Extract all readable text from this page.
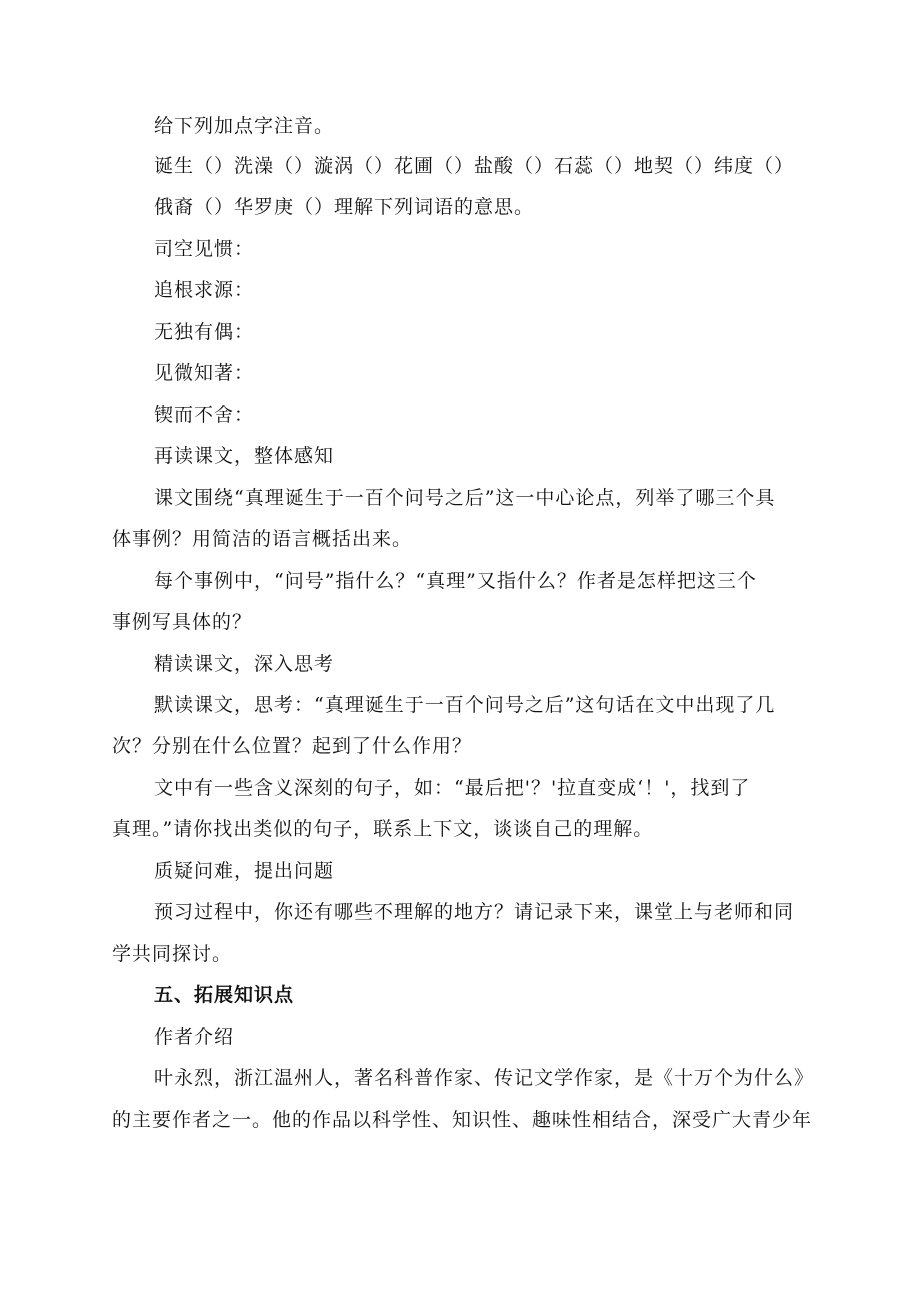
给下列加点字注音。
诞生（）洗澡（）漩涡（）花圃（）盐酸（）石蕊（）地契（）纬度（）
俄裔（）华罗庚（）理解下列词语的意思。
司空见惯：
追根求源：
无独有偶：
见微知著：
锲而不舍：
再读课文，整体感知
课文围绕“真理诞生于一百个问号之后”这一中心论点，列举了哪三个具
体事例？用简洁的语言概括出来。
每个事例中，“问号”指什么？“真理”又指什么？作者是怎样把这三个
事例写具体的？
精读课文，深入思考
默读课文，思考：“真理诞生于一百个问号之后”这句话在文中出现了几
次？分别在什么位置？起到了什么作用？
文中有一些含义深刻的句子，如：“最后把'？'拉直变成‘！'，找到了
真理。”请你找出类似的句子，联系上下文，谈谈自己的理解。
质疑问难，提出问题
预习过程中，你还有哪些不理解的地方？请记录下来，课堂上与老师和同
学共同探讨。
五、拓展知识点
作者介绍
叶永烈，浙江温州人，著名科普作家、传记文学作家，是《十万个为什么》
的主要作者之一。他的作品以科学性、知识性、趣味性相结合，深受广大青少年
